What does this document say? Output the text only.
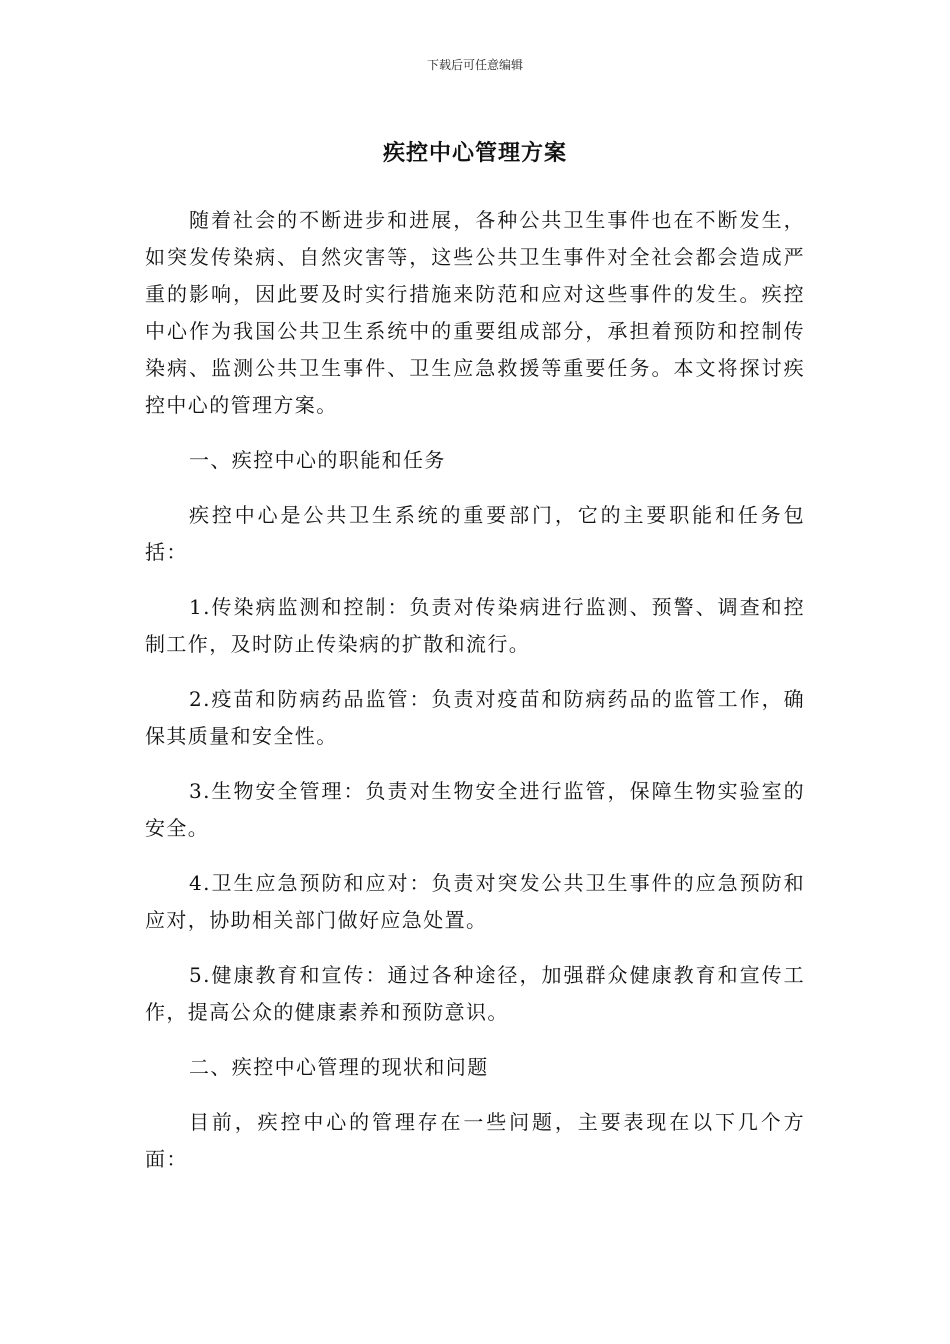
下载后可任意编辑
疾控中心管理方案

随着社会的不断进步和进展，各种公共卫生事件也在不断发生，如突发传染病、自然灾害等，这些公共卫生事件对全社会都会造成严重的影响，因此要及时实行措施来防范和应对这些事件的发生。疾控中心作为我国公共卫生系统中的重要组成部分，承担着预防和控制传染病、监测公共卫生事件、卫生应急救援等重要任务。本文将探讨疾控中心的管理方案。

一、疾控中心的职能和任务

疾控中心是公共卫生系统的重要部门，它的主要职能和任务包括：

1.传染病监测和控制：负责对传染病进行监测、预警、调查和控制工作，及时防止传染病的扩散和流行。

2.疫苗和防病药品监管：负责对疫苗和防病药品的监管工作，确保其质量和安全性。

3.生物安全管理：负责对生物安全进行监管，保障生物实验室的安全。

4.卫生应急预防和应对：负责对突发公共卫生事件的应急预防和应对，协助相关部门做好应急处置。

5.健康教育和宣传：通过各种途径，加强群众健康教育和宣传工作，提高公众的健康素养和预防意识。

二、疾控中心管理的现状和问题

目前，疾控中心的管理存在一些问题，主要表现在以下几个方面：
